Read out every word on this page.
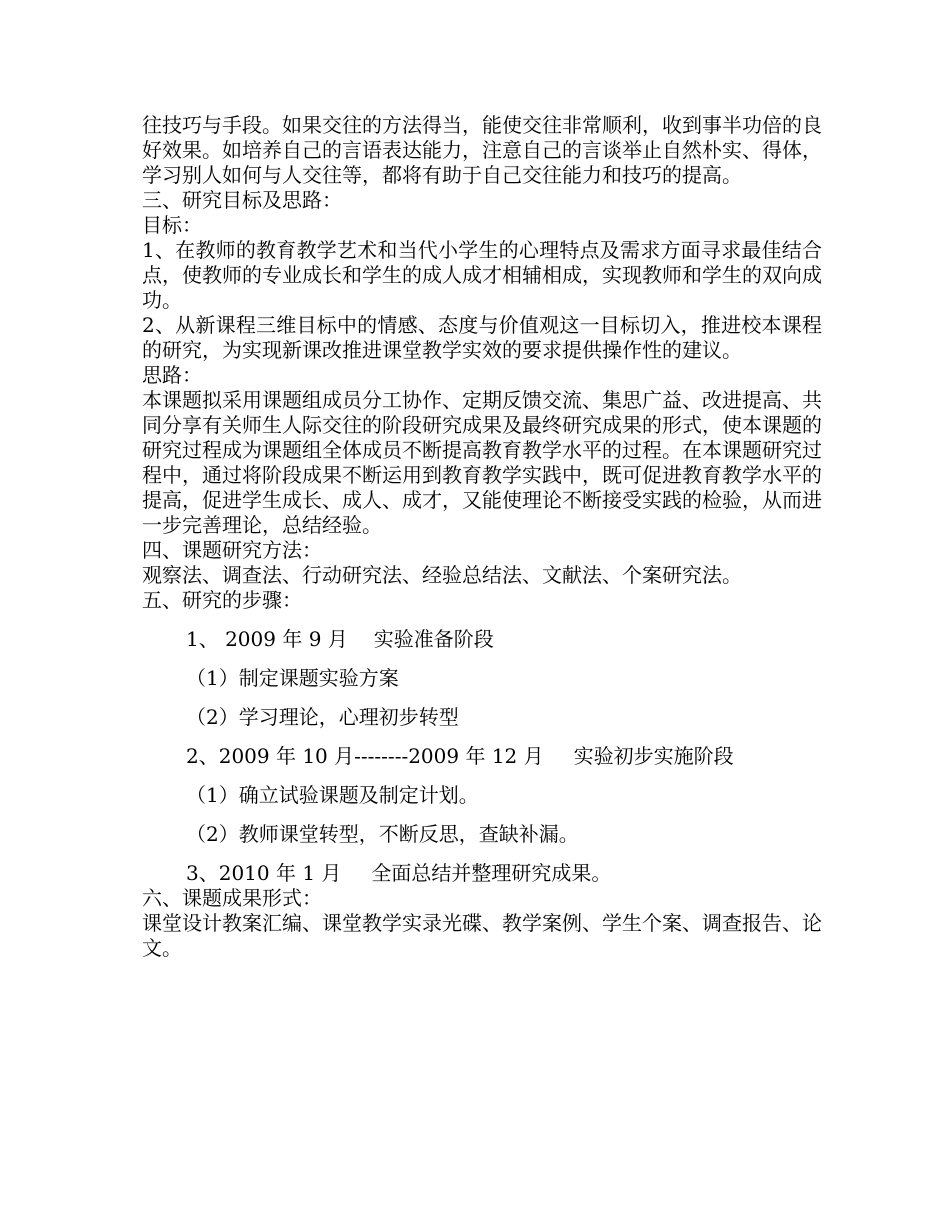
往技巧与手段。如果交往的方法得当，能使交往非常顺利，收到事半功倍的良好效果。如培养自己的言语表达能力，注意自己的言谈举止自然朴实、得体，学习别人如何与人交往等，都将有助于自己交往能力和技巧的提高。

三、研究目标及思路：

目标：

1、在教师的教育教学艺术和当代小学生的心理特点及需求方面寻求最佳结合点，使教师的专业成长和学生的成人成才相辅相成，实现教师和学生的双向成功。

2、从新课程三维目标中的情感、态度与价值观这一目标切入，推进校本课程的研究，为实现新课改推进课堂教学实效的要求提供操作性的建议。

思路：

本课题拟采用课题组成员分工协作、定期反馈交流、集思广益、改进提高、共同分享有关师生人际交往的阶段研究成果及最终研究成果的形式，使本课题的研究过程成为课题组全体成员不断提高教育教学水平的过程。在本课题研究过程中，通过将阶段成果不断运用到教育教学实践中，既可促进教育教学水平的提高，促进学生成长、成人、成才，又能使理论不断接受实践的检验，从而进一步完善理论，总结经验。

四、课题研究方法：

观察法、调查法、行动研究法、经验总结法、文献法、个案研究法。

五、研究的步骤：

1、 2009 年 9 月 实验准备阶段
（1）制定课题实验方案
（2）学习理论，心理初步转型
2、2009 年 10 月--------2009 年 12 月 实验初步实施阶段
（1）确立试验课题及制定计划。
（2）教师课堂转型，不断反思，查缺补漏。
3、2010 年 1 月 全面总结并整理研究成果。

六、课题成果形式：

课堂设计教案汇编、课堂教学实录光碟、教学案例、学生个案、调查报告、论文。
